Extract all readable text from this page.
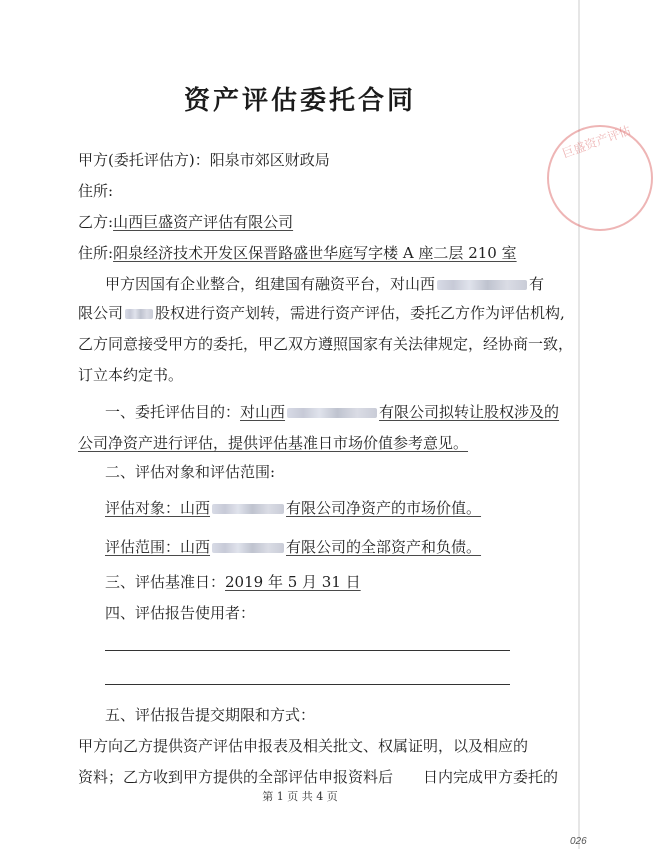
巨盛资产评估
资产评估委托合同
甲方(委托评估方)：阳泉市郊区财政局
住所:
乙方:山西巨盛资产评估有限公司
住所:阳泉经济技术开发区保晋路盛世华庭写字楼 A 座二层 210 室
甲方因国有企业整合，组建国有融资平台，对山西	有
限公司 股权进行资产划转，需进行资产评估，委托乙方作为评估机构,
乙方同意接受甲方的委托，甲乙双方遵照国家有关法律规定，经协商一致，
订立本约定书。
一、委托评估目的：对山西	有限公司拟转让股权涉及的
公司净资产进行评估，提供评估基准日市场价值参考意见。
二、评估对象和评估范围:
评估对象：山西	有限公司净资产的市场价值。
评估范围：山西	有限公司的全部资产和负债。
三、评估基准日：2019 年 5 月 31 日
四、评估报告使用者：
五、评估报告提交期限和方式：
甲方向乙方提供资产评估申报表及相关批文、权属证明，以及相应的
资料；乙方收到甲方提供的全部评估申报资料后　　日内完成甲方委托的
第 1 页 共 4 页
026
